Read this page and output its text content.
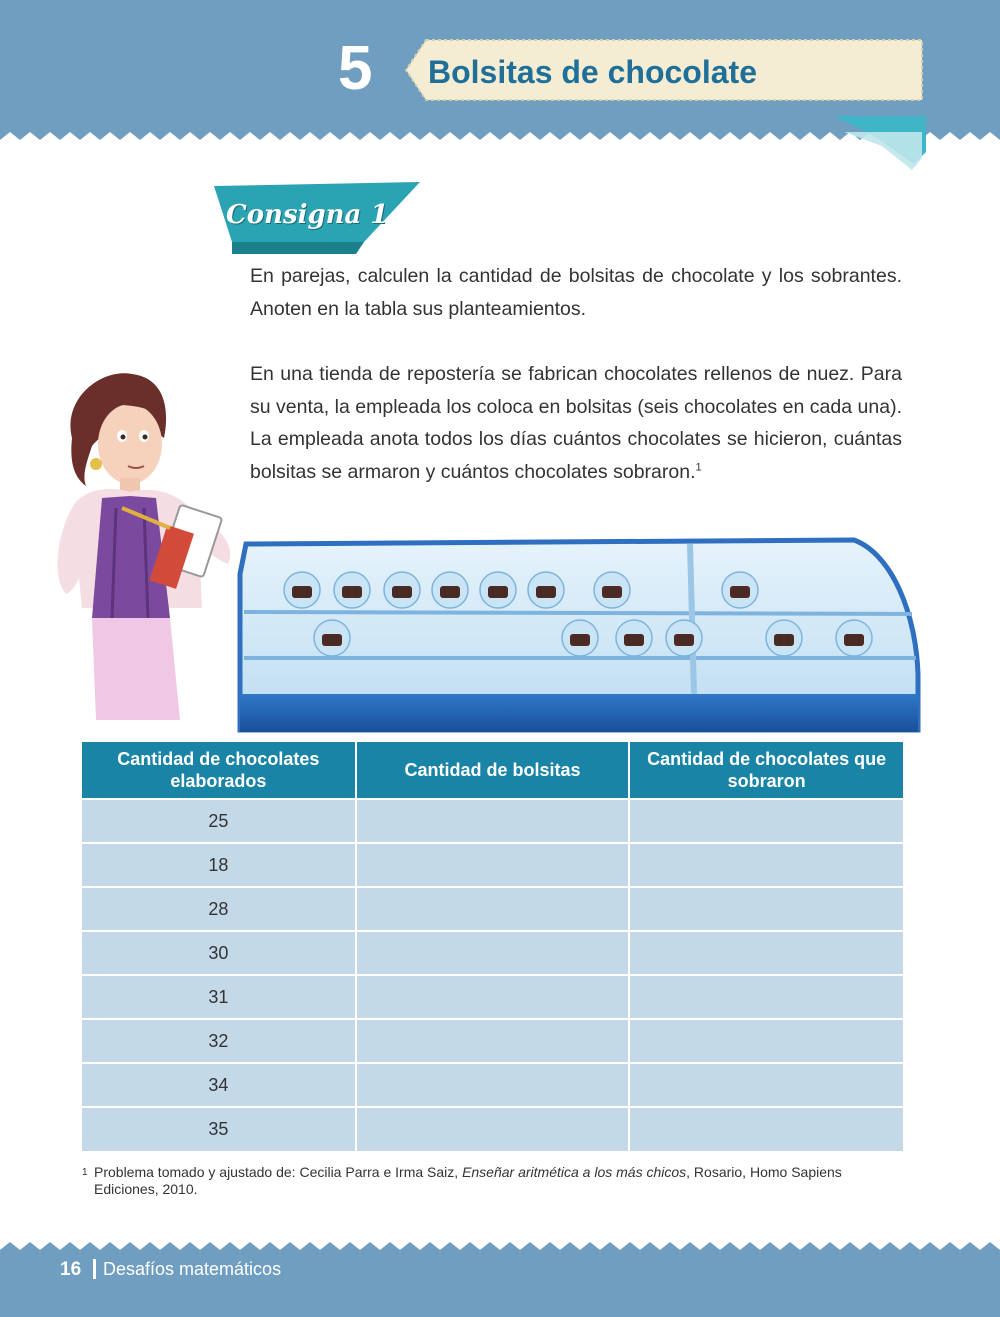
5 Bolsitas de chocolate
Consigna 1

En parejas, calculen la cantidad de bolsitas de chocolate y los sobrantes. Anoten en la tabla sus planteamientos.

En una tienda de repostería se fabrican chocolates rellenos de nuez. Para su venta, la empleada los coloca en bolsitas (seis chocolates en cada una). La empleada anota todos los días cuántos chocolates se hicieron, cuántas bolsitas se armaron y cuántos chocolates sobraron.$^1$

Cantidad de chocolates elaborados	Cantidad de bolsitas	Cantidad de chocolates que sobraron
25		
18		
28		
30		
31		
32		
34		
35		
1 Problema tomado y ajustado de: Cecilia Parra e Irma Saiz, Enseñar aritmética a los más chicos, Rosario, Homo Sapiens Ediciones, 2010.
16 Desafíos matemáticos
